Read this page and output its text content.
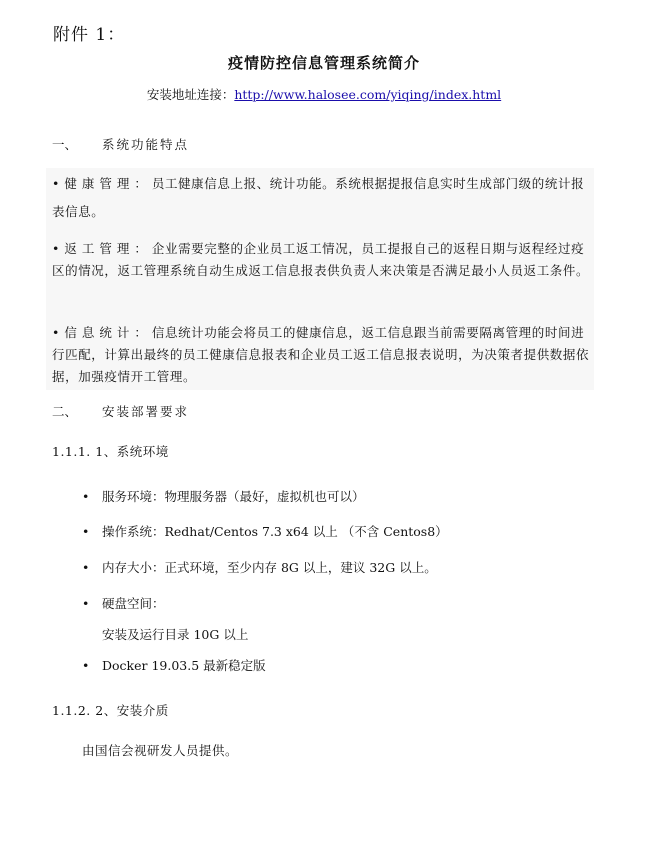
附件 1：
疫情防控信息管理系统简介
安装地址连接：http://www.halosee.com/yiqing/index.html
一、 系统功能特点
•健康管理：员工健康信息上报、统计功能。系统根据提报信息实时生成部门级的统计报表信息。
•返工管理：企业需要完整的企业员工返工情况，员工提报自己的返程日期与返程经过疫区的情况，返工管理系统自动生成返工信息报表供负责人来决策是否满足最小人员返工条件。
•信息统计：信息统计功能会将员工的健康信息，返工信息跟当前需要隔离管理的时间进行匹配，计算出最终的员工健康信息报表和企业员工返工信息报表说明，为决策者提供数据依据，加强疫情开工管理。
二、 安装部署要求
1.1.1. 1、系统环境
• 服务环境：物理服务器（最好，虚拟机也可以）
• 操作系统：Redhat/Centos 7.3 x64 以上 （不含 Centos8）
• 内存大小：正式环境，至少内存 8G 以上，建议 32G 以上。
• 硬盘空间：
安装及运行目录 10G 以上
• Docker 19.03.5 最新稳定版
1.1.2. 2、安装介质
由国信会视研发人员提供。
